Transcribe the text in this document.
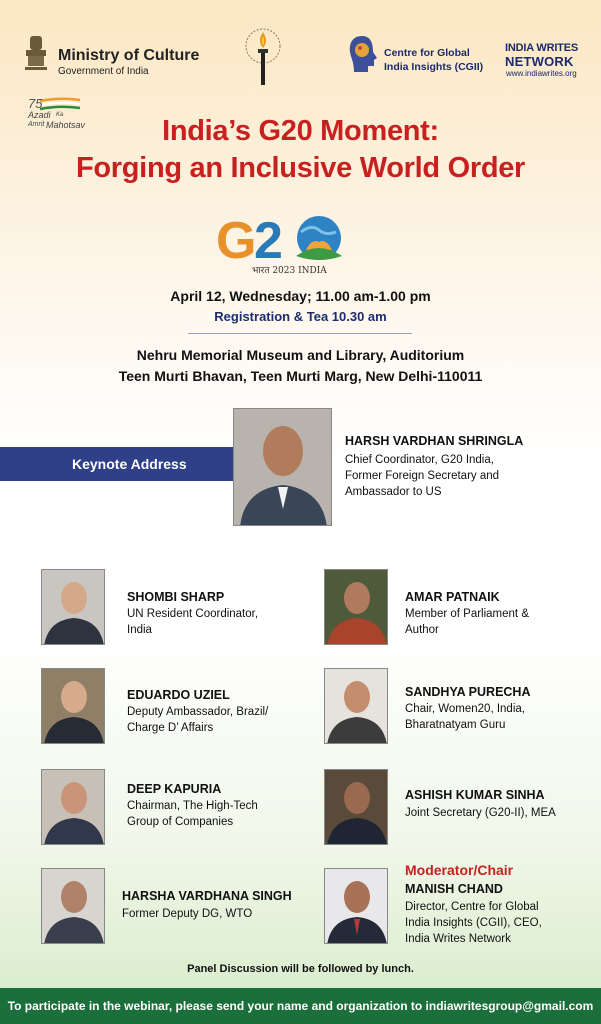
Ministry of Culture
Government of India
Centre for Global
India Insights (CGII)
INDIA WRITES
NETWORK
www.indiawrites.org
75
Azadi Ka
Amrit Mahotsav	India’s G20 Moment:
Forging an Inclusive World Order
G
2
भारत 2023 INDIA
April 12, Wednesday; 11.00 am-1.00 pm
Registration & Tea 10.30 am
Nehru Memorial Museum and Library, Auditorium
Teen Murti Bhavan, Teen Murti Marg, New Delhi-110011
Keynote Address
HARSH VARDHAN SHRINGLA
Chief Coordinator, G20 India,
Former Foreign Secretary and
Ambassador to US
SHOMBI SHARP
UN Resident Coordinator,
India
EDUARDO UZIEL
Deputy Ambassador, Brazil/
Charge D’ Affairs
DEEP KAPURIA
Chairman, The High-Tech
Group of Companies
HARSHA VARDHANA SINGH
Former Deputy DG, WTO
AMAR PATNAIK
Member of Parliament &
Author
SANDHYA PURECHA
Chair, Women20, India,
Bharatnatyam Guru
ASHISH KUMAR SINHA
Joint Secretary (G20-II), MEA
Moderator/Chair
MANISH CHAND
Director, Centre for Global
India Insights (CGII), CEO,
India Writes Network
Panel Discussion will be followed by lunch.
To participate in the webinar, please send your name and organization to indiawritesgroup@gmail.com
